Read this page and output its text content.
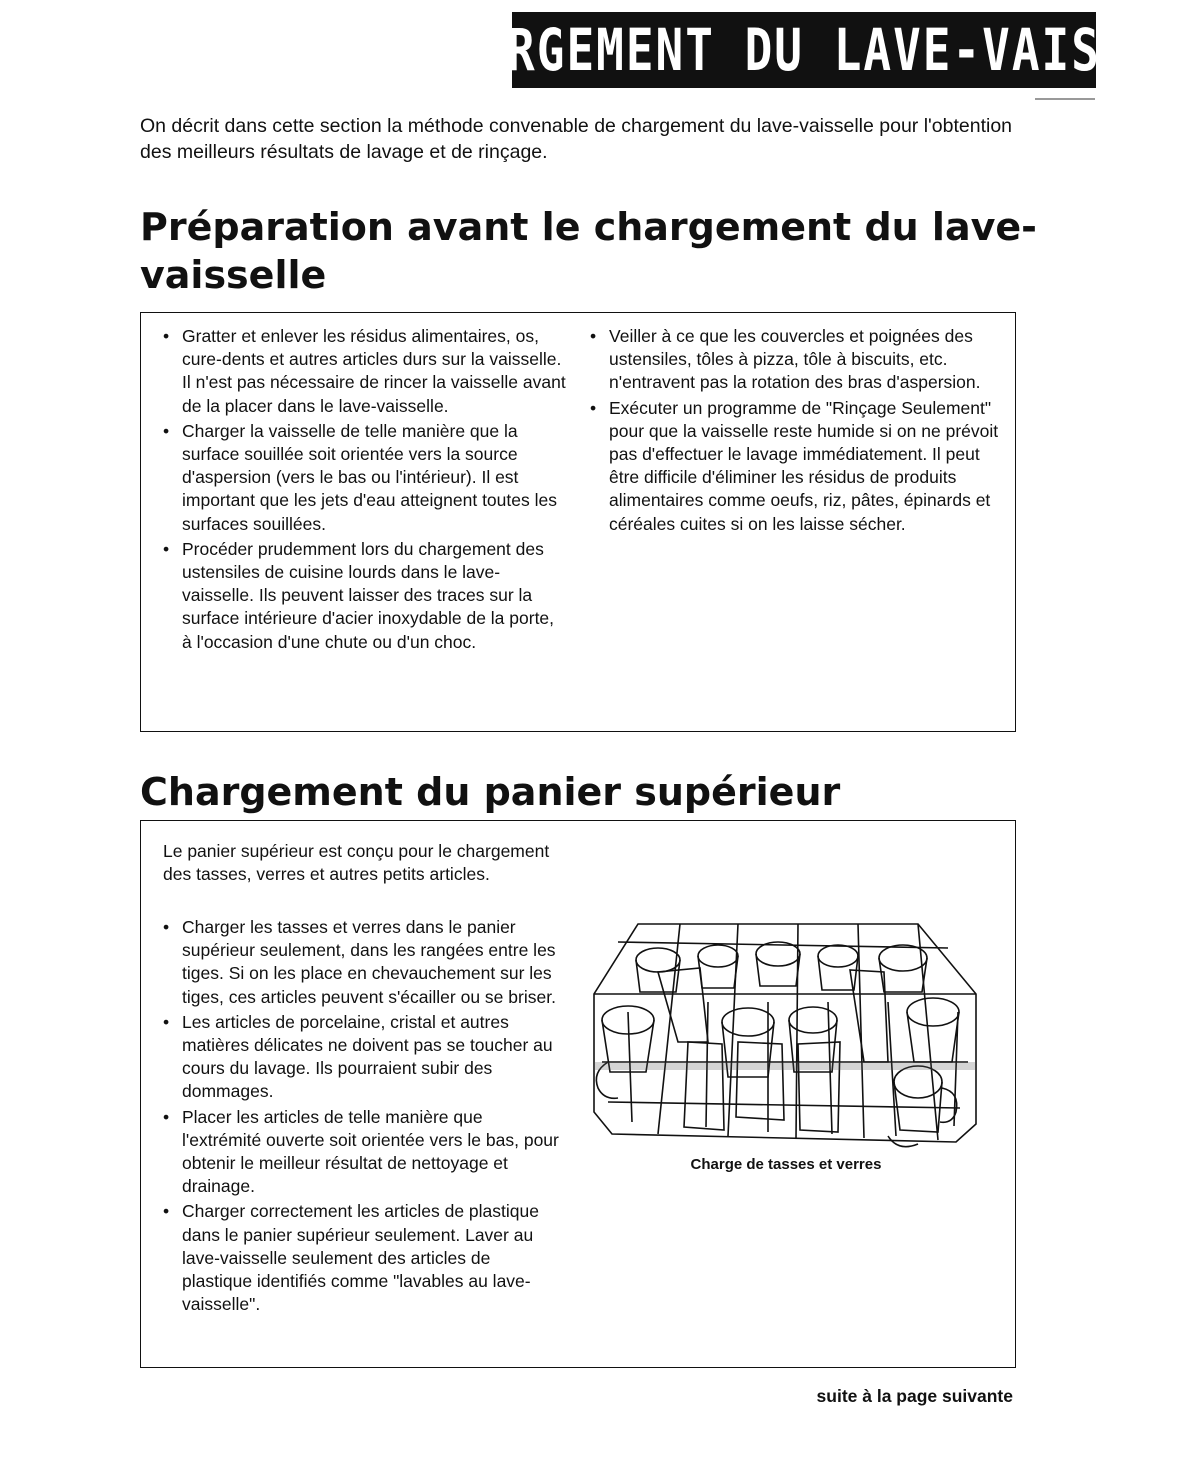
CHARGEMENT DU LAVE-VAISSEL

On décrit dans cette section la méthode convenable de chargement du lave-vaisselle pour l'obtention des meilleurs résultats de lavage et de rinçage.

Préparation avant le chargement du lave-vaisselle
• Gratter et enlever les résidus alimentaires, os, cure-dents et autres articles durs sur la vaisselle. Il n'est pas nécessaire de rincer la vaisselle avant de la placer dans le lave-vaisselle.
• Charger la vaisselle de telle manière que la surface souillée soit orientée vers la source d'aspersion (vers le bas ou l'intérieur). Il est important que les jets d'eau atteignent toutes les surfaces souillées.
• Procéder prudemment lors du chargement des ustensiles de cuisine lourds dans le lave-vaisselle. Ils peuvent laisser des traces sur la surface intérieure d'acier inoxydable de la porte, à l'occasion d'une chute ou d'un choc.
• Veiller à ce que les couvercles et poignées des ustensiles, tôles à pizza, tôle à biscuits, etc. n'entravent pas la rotation des bras d'aspersion.
• Exécuter un programme de "Rinçage Seulement" pour que la vaisselle reste humide si on ne prévoit pas d'effectuer le lavage immédiatement. Il peut être difficile d'éliminer les résidus de produits alimentaires comme oeufs, riz, pâtes, épinards et céréales cuites si on les laisse sécher.
Chargement du panier supérieur

Le panier supérieur est conçu pour le chargement des tasses, verres et autres petits articles.

• Charger les tasses et verres dans le panier supérieur seulement, dans les rangées entre les tiges. Si on les place en chevauchement sur les tiges, ces articles peuvent s'écailler ou se briser.
• Les articles de porcelaine, cristal et autres matières délicates ne doivent pas se toucher au cours du lavage. Ils pourraient subir des dommages.
• Placer les articles de telle manière que l'extrémité ouverte soit orientée vers le bas, pour obtenir le meilleur résultat de nettoyage et drainage.
• Charger correctement les articles de plastique dans le panier supérieur seulement. Laver au lave-vaisselle seulement des articles de plastique identifiés comme "lavables au lave-vaisselle".
Charge de tasses et verres
suite à la page suivante
